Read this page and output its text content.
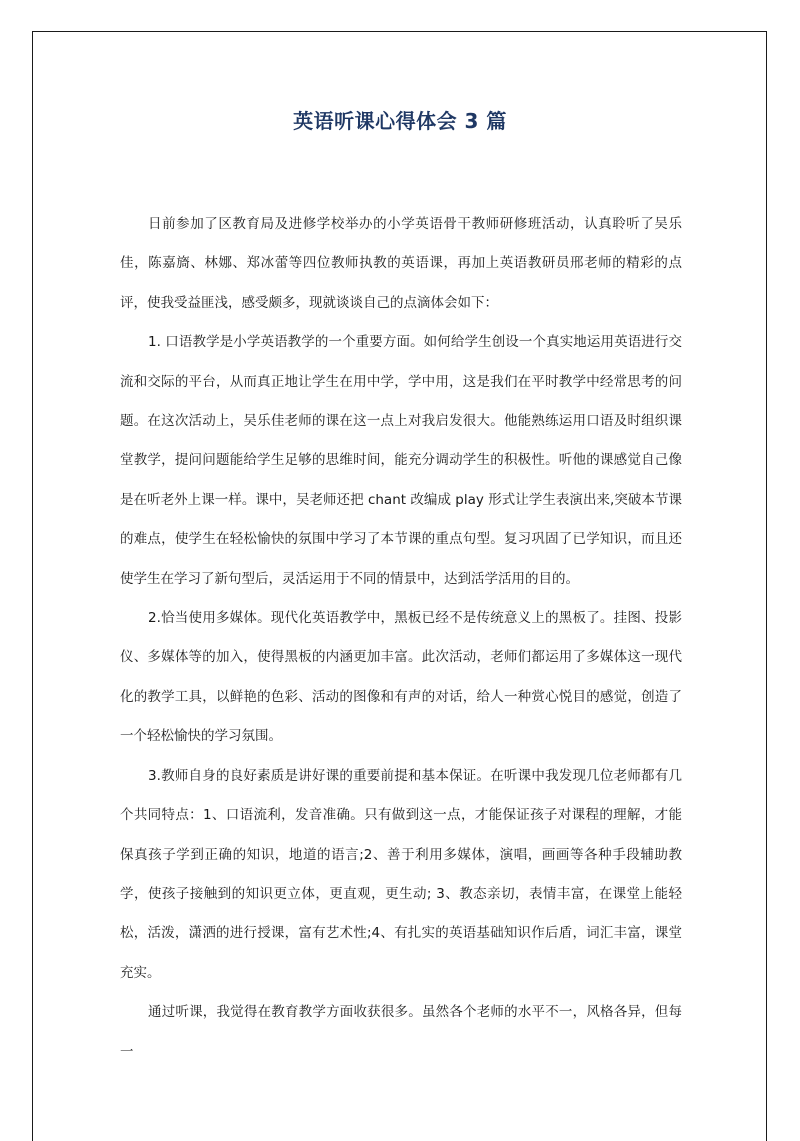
英语听课心得体会 3 篇

日前参加了区教育局及进修学校举办的小学英语骨干教师研修班活动，认真聆听了吴乐佳，陈嘉旖、林娜、郑冰蕾等四位教师执教的英语课，再加上英语教研员邢老师的精彩的点评，使我受益匪浅，感受颇多，现就谈谈自己的点滴体会如下：

1. 口语教学是小学英语教学的一个重要方面。如何给学生创设一个真实地运用英语进行交流和交际的平台，从而真正地让学生在用中学，学中用，这是我们在平时教学中经常思考的问题。在这次活动上，吴乐佳老师的课在这一点上对我启发很大。他能熟练运用口语及时组织课堂教学，提问问题能给学生足够的思维时间，能充分调动学生的积极性。听他的课感觉自己像是在听老外上课一样。课中，吴老师还把 chant 改编成 play 形式让学生表演出来,突破本节课的难点，使学生在轻松愉快的氛围中学习了本节课的重点句型。复习巩固了已学知识，而且还使学生在学习了新句型后，灵活运用于不同的情景中，达到活学活用的目的。

2.恰当使用多媒体。现代化英语教学中，黑板已经不是传统意义上的黑板了。挂图、投影仪、多媒体等的加入，使得黑板的内涵更加丰富。此次活动，老师们都运用了多媒体这一现代化的教学工具，以鲜艳的色彩、活动的图像和有声的对话，给人一种赏心悦目的感觉，创造了一个轻松愉快的学习氛围。

3.教师自身的良好素质是讲好课的重要前提和基本保证。在听课中我发现几位老师都有几个共同特点：1、口语流利，发音准确。只有做到这一点，才能保证孩子对课程的理解，才能保真孩子学到正确的知识，地道的语言;2、善于利用多媒体，演唱，画画等各种手段辅助教学，使孩子接触到的知识更立体，更直观，更生动; 3、教态亲切，表情丰富，在课堂上能轻松，活泼，潇洒的进行授课，富有艺术性;4、有扎实的英语基础知识作后盾，词汇丰富，课堂充实。

通过听课，我觉得在教育教学方面收获很多。虽然各个老师的水平不一，风格各异，但每一
